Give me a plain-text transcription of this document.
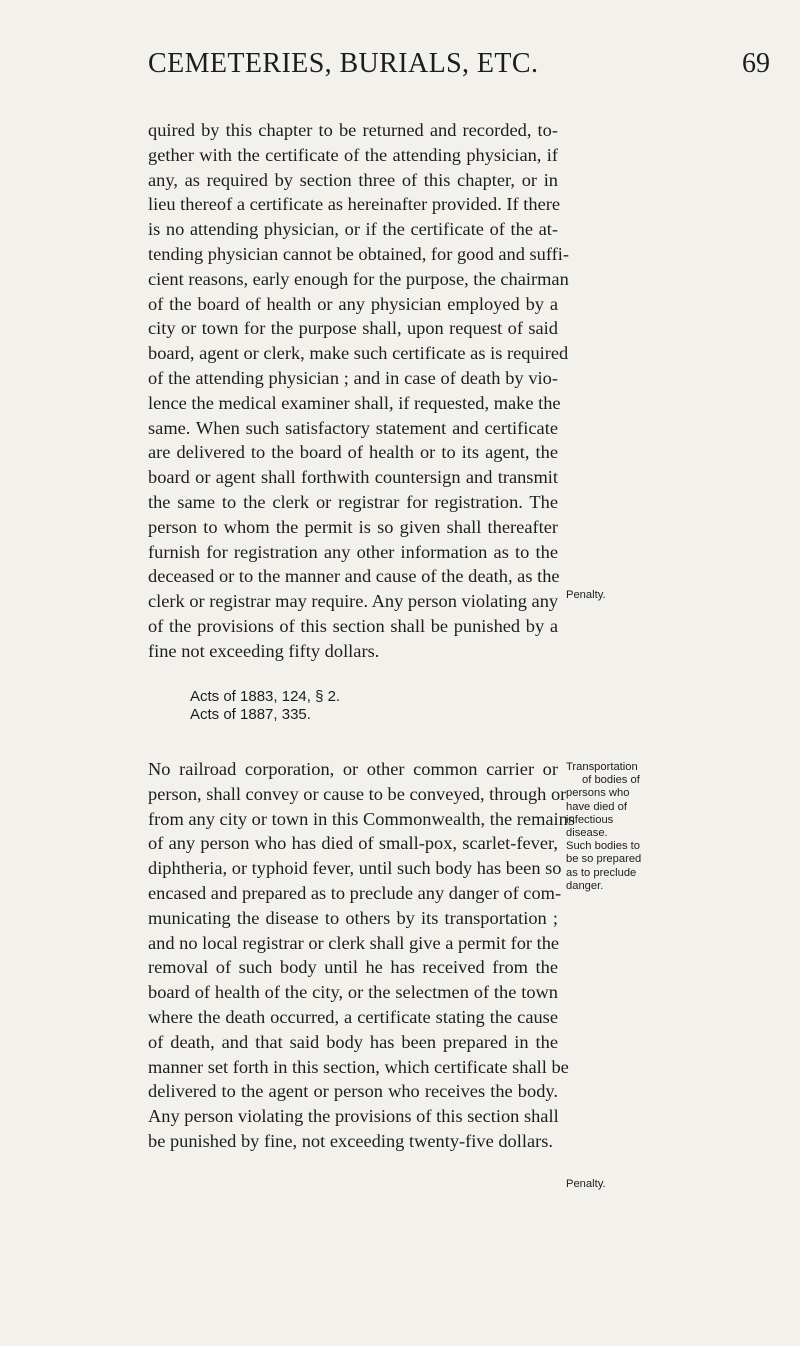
CEMETERIES, BURIALS, ETC.	69
quired by this chapter to be returned and recorded, to-
gether with the certificate of the attending physician, if
any, as required by section three of this chapter, or in
lieu thereof a certificate as hereinafter provided. If there
is no attending physician, or if the certificate of the at-
tending physician cannot be obtained, for good and suffi-
cient reasons, early enough for the purpose, the chairman
of the board of health or any physician employed by a
city or town for the purpose shall, upon request of said
board, agent or clerk, make such certificate as is required
of the attending physician ; and in case of death by vio-
lence the medical examiner shall, if requested, make the
same. When such satisfactory statement and certificate
are delivered to the board of health or to its agent, the
board or agent shall forthwith countersign and transmit
the same to the clerk or registrar for registration. The
person to whom the permit is so given shall thereafter
furnish for registration any other information as to the
deceased or to the manner and cause of the death, as the
clerk or registrar may require. Any person violating any
of the provisions of this section shall be punished by a
fine not exceeding fifty dollars.
Penalty.
Acts of 1883, 124, § 2.
Acts of 1887, 335.
No railroad corporation, or other common carrier or
person, shall convey or cause to be conveyed, through or
from any city or town in this Commonwealth, the remains
of any person who has died of small-pox, scarlet-fever,
diphtheria, or typhoid fever, until such body has been so
encased and prepared as to preclude any danger of com-
municating the disease to others by its transportation ;
and no local registrar or clerk shall give a permit for the
removal of such body until he has received from the
board of health of the city, or the selectmen of the town
where the death occurred, a certificate stating the cause
of death, and that said body has been prepared in the
manner set forth in this section, which certificate shall be
delivered to the agent or person who receives the body.
Any person violating the provisions of this section shall
be punished by fine, not exceeding twenty-five dollars.
Transportation
of bodies of
persons who
have died of
infectious
disease.
Such bodies to
be so prepared
as to preclude
danger.
Penalty.
